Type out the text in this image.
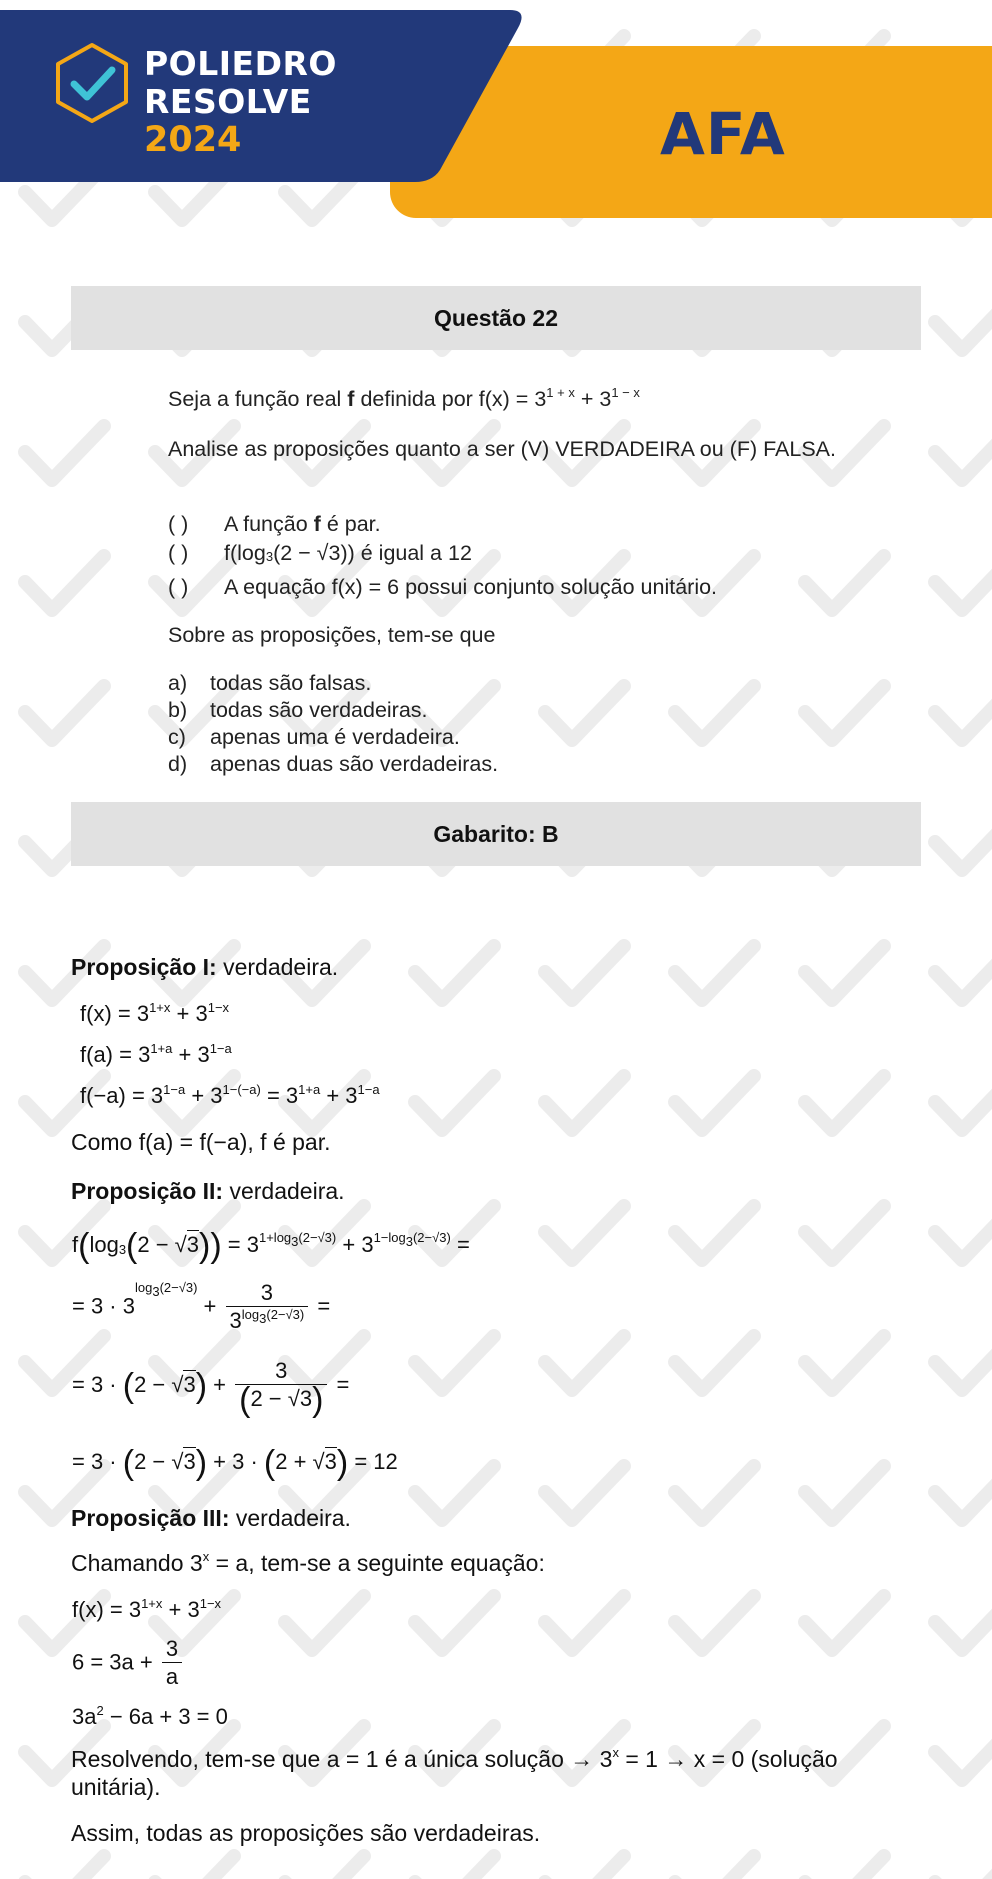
POLIEDRO
RESOLVE
2024	AFA
Questão 22
Seja a função real f definida por $f(x) = 3^{1 + x} + 3^{1 - x}$
Analise as proposições quanto a ser (V) VERDADEIRA ou (F) FALSA.
( ) A função f é par.
( ) $f(\log_3(2 - √3))$ é igual a 12
( ) A equação f(x) = 6 possui conjunto solução unitário.
Sobre as proposições, tem-se que
a) todas são falsas.
b) todas são verdadeiras.
c) apenas uma é verdadeira.
d) apenas duas são verdadeiras.
Gabarito: B
Proposição I: verdadeira.
$f(x) = 3^{1+x} + 3^{1-x}$
$f(a) = 3^{1+a} + 3^{1-a}$
$f(-a) = 3^{1-a} + 3^{1-(-a)} = 3^{1+a} + 3^{1-a}$
Como f(a) = f(−a), f é par.
Proposição II: verdadeira.
$f(\log_3(2 - √3)) = 3^{1+log_3(2-√3)} + 3^{1-log_3(2-√3)}$ =
= $3 \cdot 3^{log_3(2-√3)} + \frac{3}{3^{log_3(2-√3)}}$ =
= $3 \cdot (2 - √3) + \frac{3}{(2 - √3)}$ =
= 3 · (2 − √3) + 3 · (2 + √3) = 12
Proposição III: verdadeira.
Chamando $3^x = a$, tem-se a seguinte equação:
$f(x) = 3^{1+x} + 3^{1-x}$
$6 = 3a + \frac{3}{a}$
$3a^2 - 6a + 3 = 0$
Resolvendo, tem-se que a = 1 é a única solução → $3^x = 1 \to x = 0$ (solução unitária).
Assim, todas as proposições são verdadeiras.
